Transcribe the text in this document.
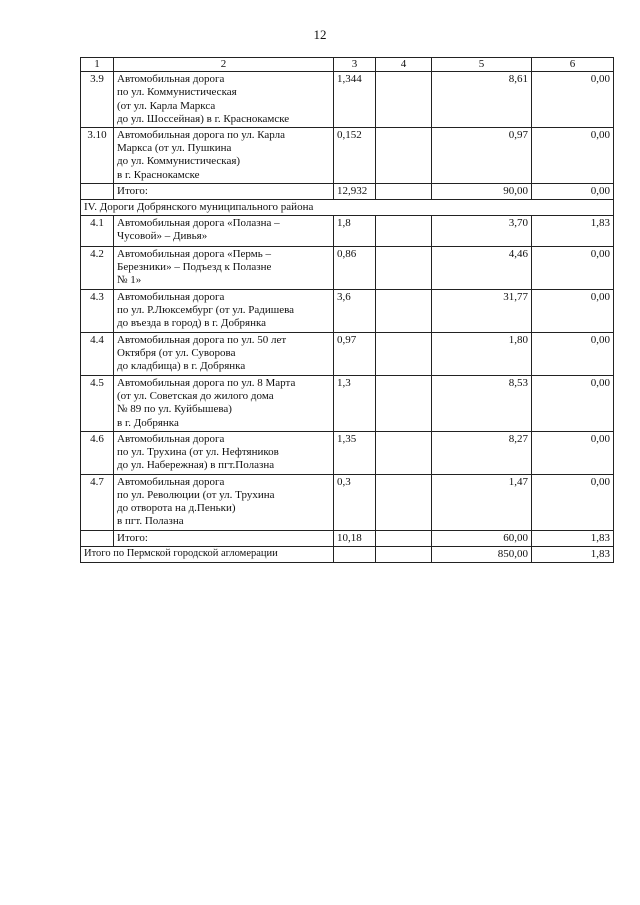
12
1	2	3	4	5	6
3.9	Автомобильная дорога
по ул. Коммунистическая
(от ул. Карла Маркса
до ул. Шоссейная) в г. Краснокамске	1,344		8,61	0,00
3.10	Автомобильная дорога по ул. Карла
Маркса (от ул. Пушкина
до ул. Коммунистическая)
в г. Краснокамске	0,152		0,97	0,00
	Итого:	12,932		90,00	0,00
IV. Дороги Добрянского муниципального района					
4.1	Автомобильная дорога «Полазна –
Чусовой» – Дивья»	1,8		3,70	1,83
4.2	Автомобильная дорога «Пермь –
Березники» – Подъезд к Полазне
№ 1»	0,86		4,46	0,00
4.3	Автомобильная дорога
по ул. Р.Люксембург (от ул. Радишева
до въезда в город) в г. Добрянка	3,6		31,77	0,00
4.4	Автомобильная дорога по ул. 50 лет
Октября (от ул. Суворова
до кладбища) в г. Добрянка	0,97		1,80	0,00
4.5	Автомобильная дорога по ул. 8 Марта
(от ул. Советская до жилого дома
№ 89 по ул. Куйбышева)
в г. Добрянка	1,3		8,53	0,00
4.6	Автомобильная дорога
по ул. Трухина (от ул. Нефтяников
до ул. Набережная) в пгт.Полазна	1,35		8,27	0,00
4.7	Автомобильная дорога
по ул. Революции (от ул. Трухина
до отворота на д.Пеньки)
в пгт. Полазна	0,3		1,47	0,00
	Итого:	10,18		60,00	1,83
Итого по Пермской городской агломерации				850,00	1,83
